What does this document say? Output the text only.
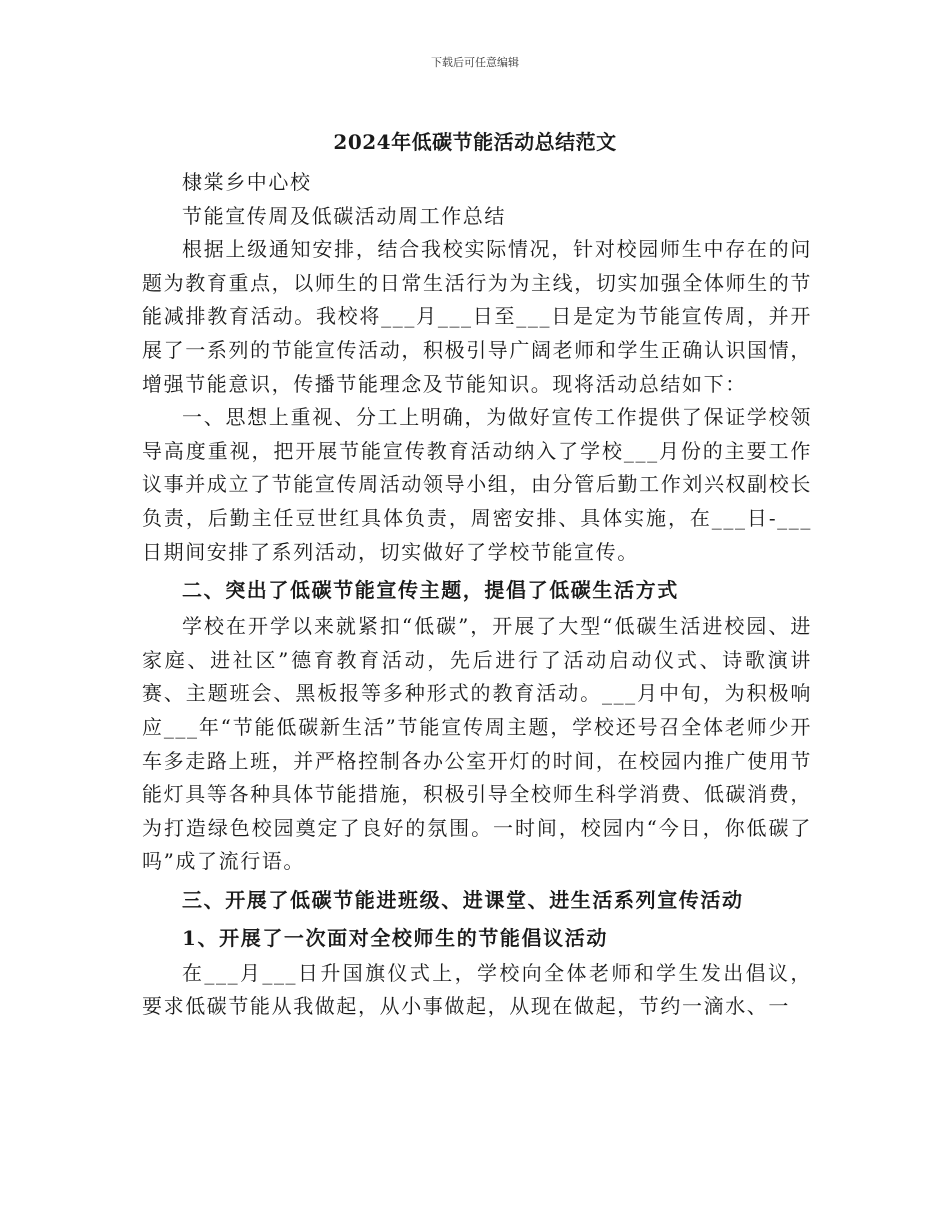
下载后可任意编辑
2024年低碳节能活动总结范文

棣棠乡中心校

节能宣传周及低碳活动周工作总结

根据上级通知安排，结合我校实际情况，针对校园师生中存在的问题为教育重点，以师生的日常生活行为为主线，切实加强全体师生的节能减排教育活动。我校将___月___日至___日是定为节能宣传周，并开展了一系列的节能宣传活动，积极引导广阔老师和学生正确认识国情，增强节能意识，传播节能理念及节能知识。现将活动总结如下：

一、思想上重视、分工上明确，为做好宣传工作提供了保证学校领导高度重视，把开展节能宣传教育活动纳入了学校___月份的主要工作议事并成立了节能宣传周活动领导小组，由分管后勤工作刘兴权副校长负责，后勤主任豆世红具体负责，周密安排、具体实施，在___日-___日期间安排了系列活动，切实做好了学校节能宣传。

二、突出了低碳节能宣传主题，提倡了低碳生活方式

学校在开学以来就紧扣“低碳”，开展了大型“低碳生活进校园、进家庭、进社区”德育教育活动，先后进行了活动启动仪式、诗歌演讲赛、主题班会、黑板报等多种形式的教育活动。___月中旬，为积极响应___年“节能低碳新生活”节能宣传周主题，学校还号召全体老师少开车多走路上班，并严格控制各办公室开灯的时间，在校园内推广使用节能灯具等各种具体节能措施，积极引导全校师生科学消费、低碳消费，为打造绿色校园奠定了良好的氛围。一时间，校园内“今日，你低碳了吗”成了流行语。

三、开展了低碳节能进班级、进课堂、进生活系列宣传活动

1、开展了一次面对全校师生的节能倡议活动

在___月___日升国旗仪式上，学校向全体老师和学生发出倡议，要求低碳节能从我做起，从小事做起，从现在做起，节约一滴水、一
